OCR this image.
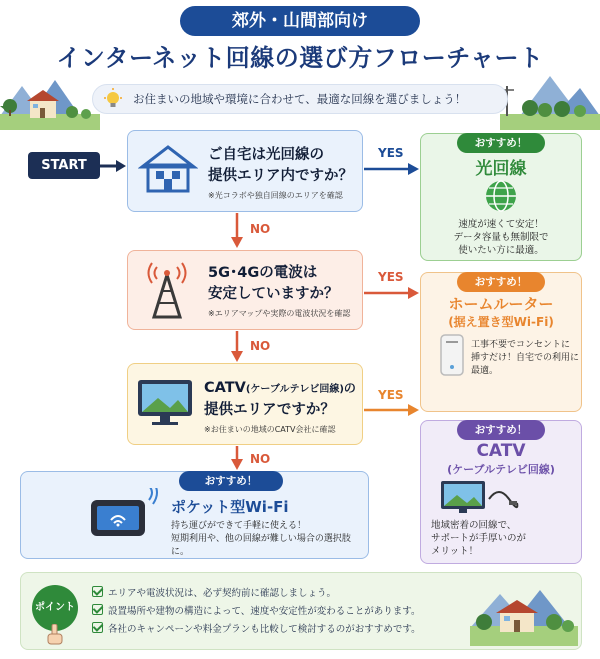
郊外・山間部向け
インターネット回線の選び方フローチャート
お住まいの地域や環境に合わせて、最適な回線を選びましょう！
START
ご自宅は光回線の
提供エリア内ですか？
※光コラボや独自回線のエリアを確認
5G･4Gの電波は
安定していますか？
※エリアマップや実際の電波状況を確認
CATV(ケーブルテレビ回線)の
提供エリアですか？
※お住まいの地域のCATV会社に確認
YES
YES
YES
NO
NO
NO
おすすめ！
光回線
速度が速くて安定！
データ容量も無制限で
使いたい方に最適。
おすすめ！
ホームルーター
(据え置き型Wi-Fi)
工事不要でコンセントに
挿すだけ！自宅での利用に
最適。
おすすめ！
CATV
(ケーブルテレビ回線)
地域密着の回線で、
サポートが手厚いのが
メリット！
おすすめ！
ポケット型Wi-Fi
持ち運びができて手軽に使える！
短期利用や、他の回線が難しい場合の選択肢に。
ポイント
エリアや電波状況は、必ず契約前に確認しましょう。
設置場所や建物の構造によって、速度や安定性が変わることがあります。
各社のキャンペーンや料金プランも比較して検討するのがおすすめです。
